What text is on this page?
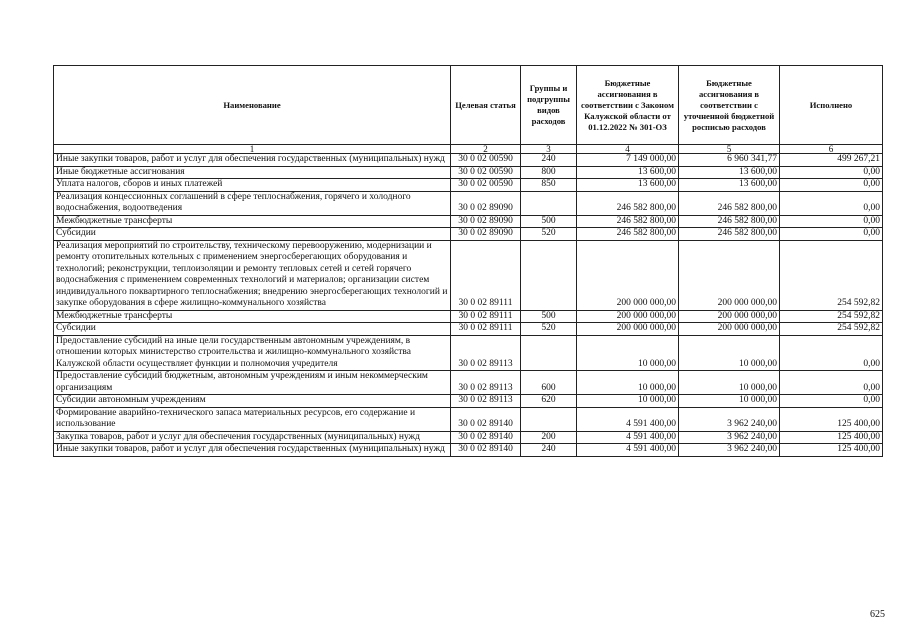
Наименование	Целевая статья	Группы и подгруппы видов расходов	Бюджетные ассигнования в соответствии с Законом Калужской области от 01.12.2022 № 301-ОЗ	Бюджетные ассигнования в соответствии с уточненной бюджетной росписью расходов	Исполнено
1	2	3	4	5	6
Иные закупки товаров, работ и услуг для обеспечения государственных (муниципальных) нужд	30 0 02 00590	240	7 149 000,00	6 960 341,77	499 267,21
Иные бюджетные ассигнования	30 0 02 00590	800	13 600,00	13 600,00	0,00
Уплата налогов, сборов и иных платежей	30 0 02 00590	850	13 600,00	13 600,00	0,00
Реализация концессионных соглашений в сфере теплоснабжения, горячего и холодного водоснабжения, водоотведения	30 0 02 89090		246 582 800,00	246 582 800,00	0,00
Межбюджетные трансферты	30 0 02 89090	500	246 582 800,00	246 582 800,00	0,00
Субсидии	30 0 02 89090	520	246 582 800,00	246 582 800,00	0,00
Реализация мероприятий по строительству, техническому перевооружению, модернизации и ремонту отопительных котельных с применением энергосберегающих оборудования и технологий; реконструкции, теплоизоляции и ремонту тепловых сетей и сетей горячего водоснабжения с применением современных технологий и материалов; организации систем индивидуального поквартирного теплоснабжения; внедрению энергосберегающих технологий и закупке оборудования в сфере жилищно-коммунального хозяйства	30 0 02 89111		200 000 000,00	200 000 000,00	254 592,82
Межбюджетные трансферты	30 0 02 89111	500	200 000 000,00	200 000 000,00	254 592,82
Субсидии	30 0 02 89111	520	200 000 000,00	200 000 000,00	254 592,82
Предоставление субсидий на иные цели государственным автономным учреждениям, в отношении которых министерство строительства и жилищно-коммунального хозяйства Калужской области осуществляет функции и полномочия учредителя	30 0 02 89113		10 000,00	10 000,00	0,00
Предоставление субсидий бюджетным, автономным учреждениям и иным некоммерческим организациям	30 0 02 89113	600	10 000,00	10 000,00	0,00
Субсидии автономным учреждениям	30 0 02 89113	620	10 000,00	10 000,00	0,00
Формирование аварийно-технического запаса материальных ресурсов, его содержание и использование	30 0 02 89140		4 591 400,00	3 962 240,00	125 400,00
Закупка товаров, работ и услуг для обеспечения государственных (муниципальных) нужд	30 0 02 89140	200	4 591 400,00	3 962 240,00	125 400,00
Иные закупки товаров, работ и услуг для обеспечения государственных (муниципальных) нужд	30 0 02 89140	240	4 591 400,00	3 962 240,00	125 400,00
625
